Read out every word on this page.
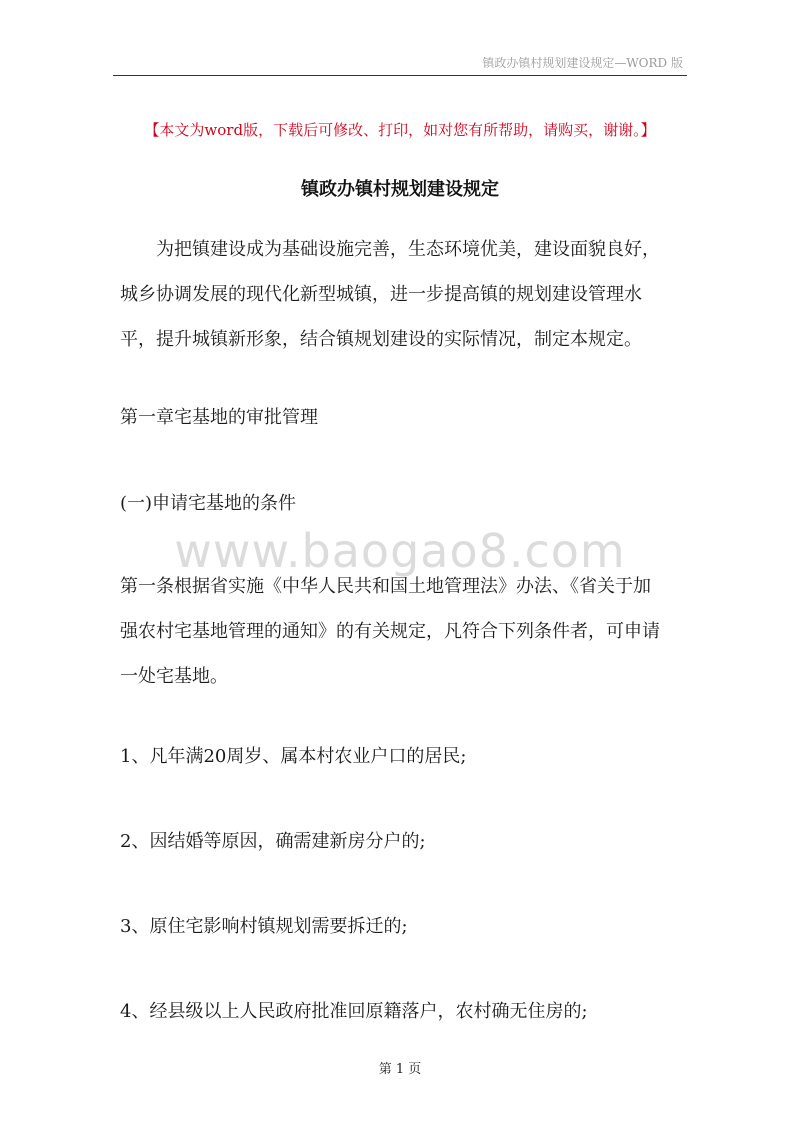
镇政办镇村规划建设规定—WORD 版
【本文为word版，下载后可修改、打印，如对您有所帮助，请购买，谢谢。】
镇政办镇村规划建设规定
为把镇建设成为基础设施完善，生态环境优美，建设面貌良好，
城乡协调发展的现代化新型城镇，进一步提高镇的规划建设管理水
平，提升城镇新形象，结合镇规划建设的实际情况，制定本规定。
第一章宅基地的审批管理
(一)申请宅基地的条件
www.baogao8.com
第一条根据省实施《中华人民共和国土地管理法》办法、《省关于加
强农村宅基地管理的通知》的有关规定，凡符合下列条件者，可申请
一处宅基地。
1、凡年满20周岁、属本村农业户口的居民;
2、因结婚等原因，确需建新房分户的;
3、原住宅影响村镇规划需要拆迁的;
4、经县级以上人民政府批准回原籍落户，农村确无住房的;
第 1 页
